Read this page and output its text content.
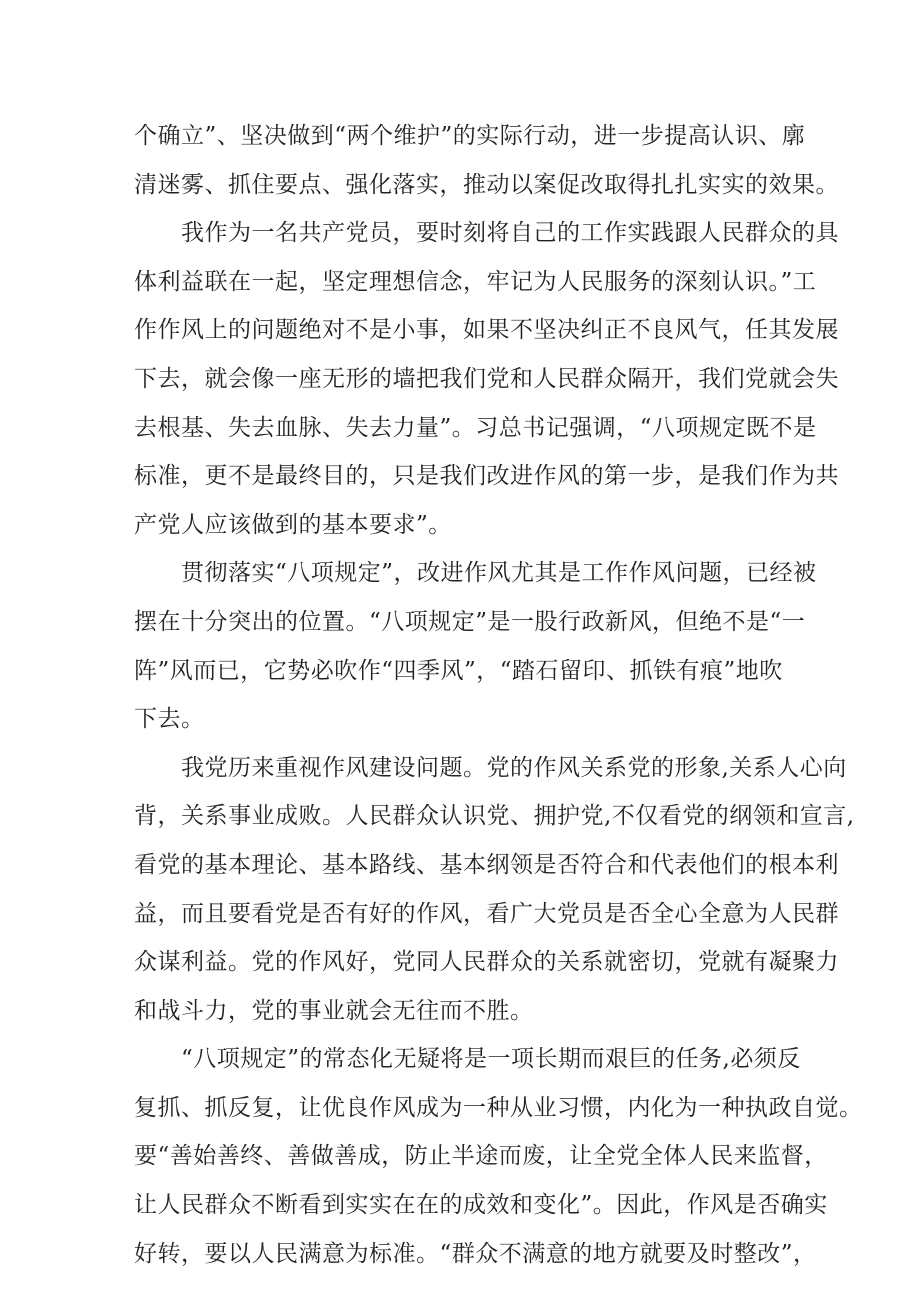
个确立”、坚决做到“两个维护”的实际行动，进一步提高认识、廓
清迷雾、抓住要点、强化落实，推动以案促改取得扎扎实实的效果。
我作为一名共产党员，要时刻将自己的工作实践跟人民群众的具
体利益联在一起，坚定理想信念，牢记为人民服务的深刻认识。”工
作作风上的问题绝对不是小事，如果不坚决纠正不良风气，任其发展
下去，就会像一座无形的墙把我们党和人民群众隔开，我们党就会失
去根基、失去血脉、失去力量”。习总书记强调，“八项规定既不是
标准，更不是最终目的，只是我们改进作风的第一步，是我们作为共
产党人应该做到的基本要求”。
贯彻落实“八项规定”，改进作风尤其是工作作风问题，已经被
摆在十分突出的位置。“八项规定”是一股行政新风，但绝不是“一
阵”风而已，它势必吹作“四季风”，“踏石留印、抓铁有痕”地吹
下去。
我党历来重视作风建设问题。党的作风关系党的形象,关系人心向
背，关系事业成败。人民群众认识党、拥护党,不仅看党的纲领和宣言,
看党的基本理论、基本路线、基本纲领是否符合和代表他们的根本利
益，而且要看党是否有好的作风，看广大党员是否全心全意为人民群
众谋利益。党的作风好，党同人民群众的关系就密切，党就有凝聚力
和战斗力，党的事业就会无往而不胜。
“八项规定”的常态化无疑将是一项长期而艰巨的任务,必须反
复抓、抓反复，让优良作风成为一种从业习惯，内化为一种执政自觉。
要“善始善终、善做善成，防止半途而废，让全党全体人民来监督，
让人民群众不断看到实实在在的成效和变化”。因此，作风是否确实
好转，要以人民满意为标准。“群众不满意的地方就要及时整改”，
